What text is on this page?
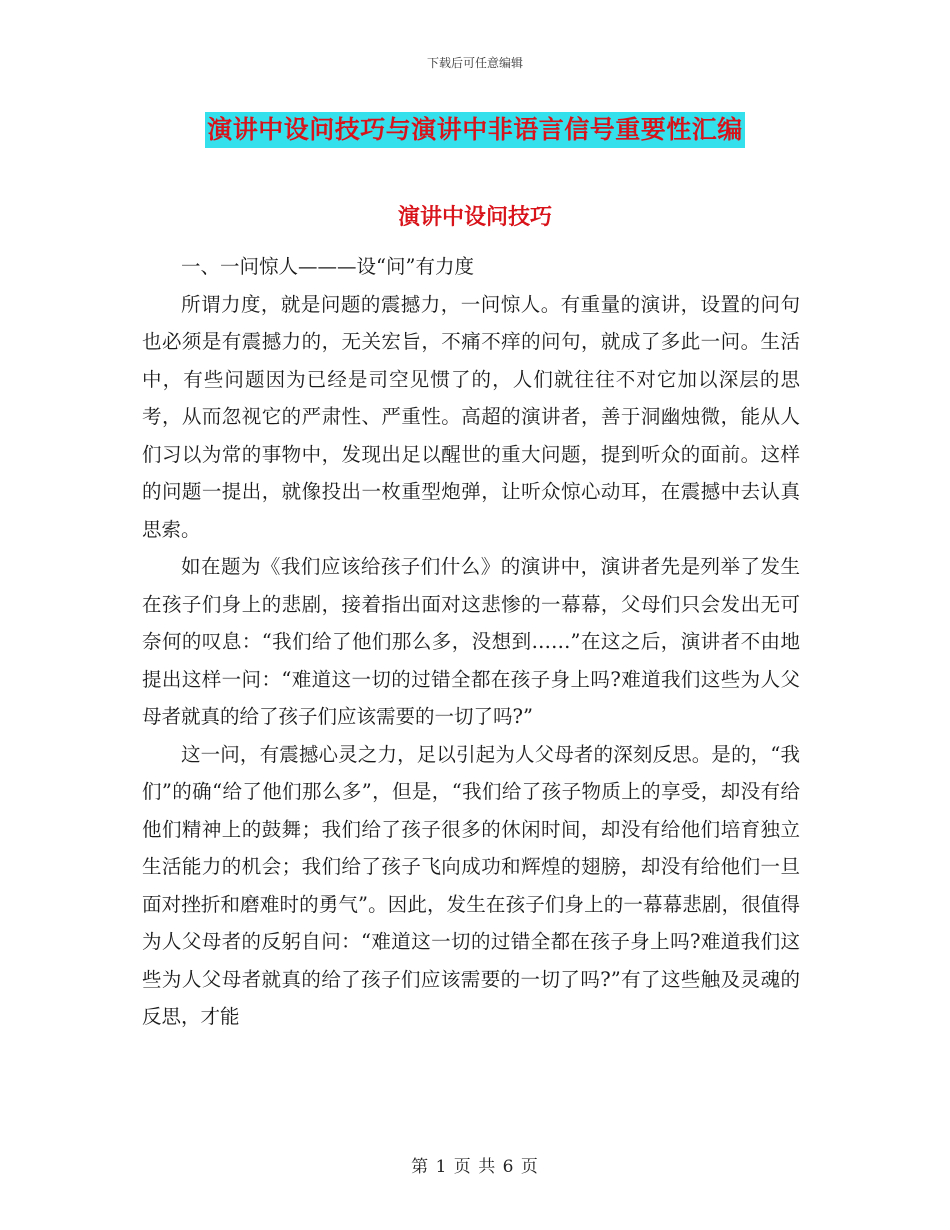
下载后可任意编辑
演讲中设问技巧与演讲中非语言信号重要性汇编
演讲中设问技巧

一、一问惊人———设“问”有力度

所谓力度，就是问题的震撼力，一问惊人。有重量的演讲，设置的问句也必须是有震撼力的，无关宏旨，不痛不痒的问句，就成了多此一问。生活中，有些问题因为已经是司空见惯了的，人们就往往不对它加以深层的思考，从而忽视它的严肃性、严重性。高超的演讲者，善于洞幽烛微，能从人们习以为常的事物中，发现出足以醒世的重大问题，提到听众的面前。这样的问题一提出，就像投出一枚重型炮弹，让听众惊心动耳，在震撼中去认真思索。

如在题为《我们应该给孩子们什么》的演讲中，演讲者先是列举了发生在孩子们身上的悲剧，接着指出面对这悲惨的一幕幕，父母们只会发出无可奈何的叹息：“我们给了他们那么多，没想到……”在这之后，演讲者不由地提出这样一问：“难道这一切的过错全都在孩子身上吗?难道我们这些为人父母者就真的给了孩子们应该需要的一切了吗?”

这一问，有震撼心灵之力，足以引起为人父母者的深刻反思。是的，“我们”的确“给了他们那么多”，但是，“我们给了孩子物质上的享受，却没有给他们精神上的鼓舞；我们给了孩子很多的休闲时间，却没有给他们培育独立生活能力的机会；我们给了孩子飞向成功和辉煌的翅膀，却没有给他们一旦面对挫折和磨难时的勇气”。因此，发生在孩子们身上的一幕幕悲剧，很值得为人父母者的反躬自问：“难道这一切的过错全都在孩子身上吗?难道我们这些为人父母者就真的给了孩子们应该需要的一切了吗?”有了这些触及灵魂的反思，才能

第 1 页 共 6 页
